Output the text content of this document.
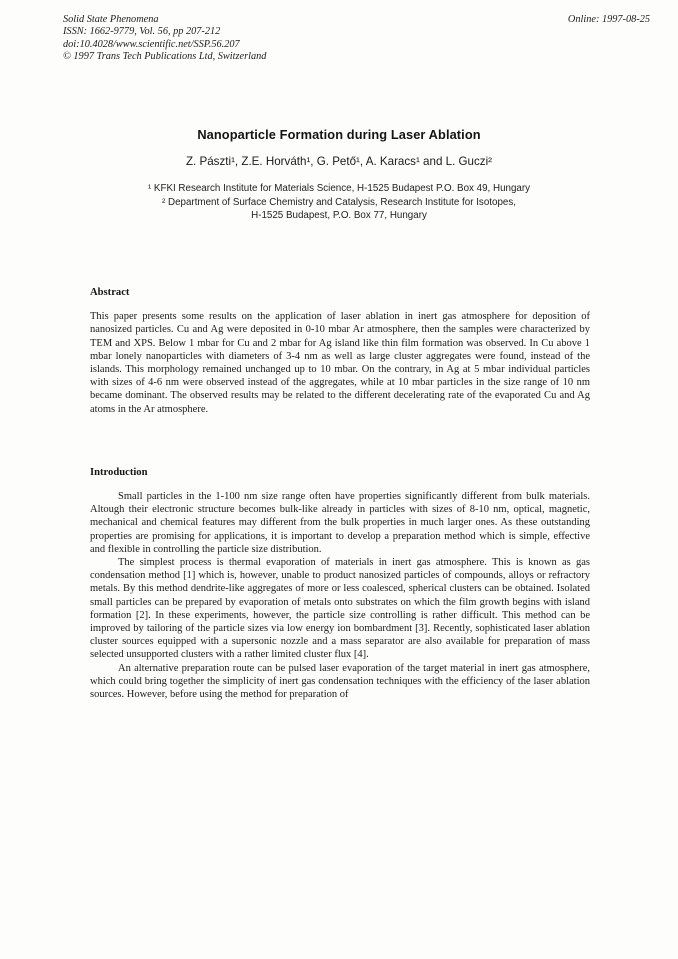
Solid State Phenomena
ISSN: 1662-9779, Vol. 56, pp 207-212
doi:10.4028/www.scientific.net/SSP.56.207
© 1997 Trans Tech Publications Ltd, Switzerland
Online: 1997-08-25
Nanoparticle Formation during Laser Ablation
Z. Pászti¹, Z.E. Horváth¹, G. Pető¹, A. Karacs¹ and L. Guczi²
¹ KFKI Research Institute for Materials Science, H-1525 Budapest P.O. Box 49, Hungary
² Department of Surface Chemistry and Catalysis, Research Institute for Isotopes,
H-1525 Budapest, P.O. Box 77, Hungary
Abstract

This paper presents some results on the application of laser ablation in inert gas atmosphere for deposition of nanosized particles. Cu and Ag were deposited in 0-10 mbar Ar atmosphere, then the samples were characterized by TEM and XPS. Below 1 mbar for Cu and 2 mbar for Ag island like thin film formation was observed. In Cu above 1 mbar lonely nanoparticles with diameters of 3-4 nm as well as large cluster aggregates were found, instead of the islands. This morphology remained unchanged up to 10 mbar. On the contrary, in Ag at 5 mbar individual particles with sizes of 4-6 nm were observed instead of the aggregates, while at 10 mbar particles in the size range of 10 nm became dominant. The observed results may be related to the different decelerating rate of the evaporated Cu and Ag atoms in the Ar atmosphere.

Introduction

Small particles in the 1-100 nm size range often have properties significantly different from bulk materials. Altough their electronic structure becomes bulk-like already in particles with sizes of 8-10 nm, optical, magnetic, mechanical and chemical features may different from the bulk properties in much larger ones. As these outstanding properties are promising for applications, it is important to develop a preparation method which is simple, effective and flexible in controlling the particle size distribution.

The simplest process is thermal evaporation of materials in inert gas atmosphere. This is known as gas condensation method [1] which is, however, unable to product nanosized particles of compounds, alloys or refractory metals. By this method dendrite-like aggregates of more or less coalesced, spherical clusters can be obtained. Isolated small particles can be prepared by evaporation of metals onto substrates on which the film growth begins with island formation [2]. In these experiments, however, the particle size controlling is rather difficult. This method can be improved by tailoring of the particle sizes via low energy ion bombardment [3]. Recently, sophisticated laser ablation cluster sources equipped with a supersonic nozzle and a mass separator are also available for preparation of mass selected unsupported clusters with a rather limited cluster flux [4].

An alternative preparation route can be pulsed laser evaporation of the target material in inert gas atmosphere, which could bring together the simplicity of inert gas condensation techniques with the efficiency of the laser ablation sources. However, before using the method for preparation of
